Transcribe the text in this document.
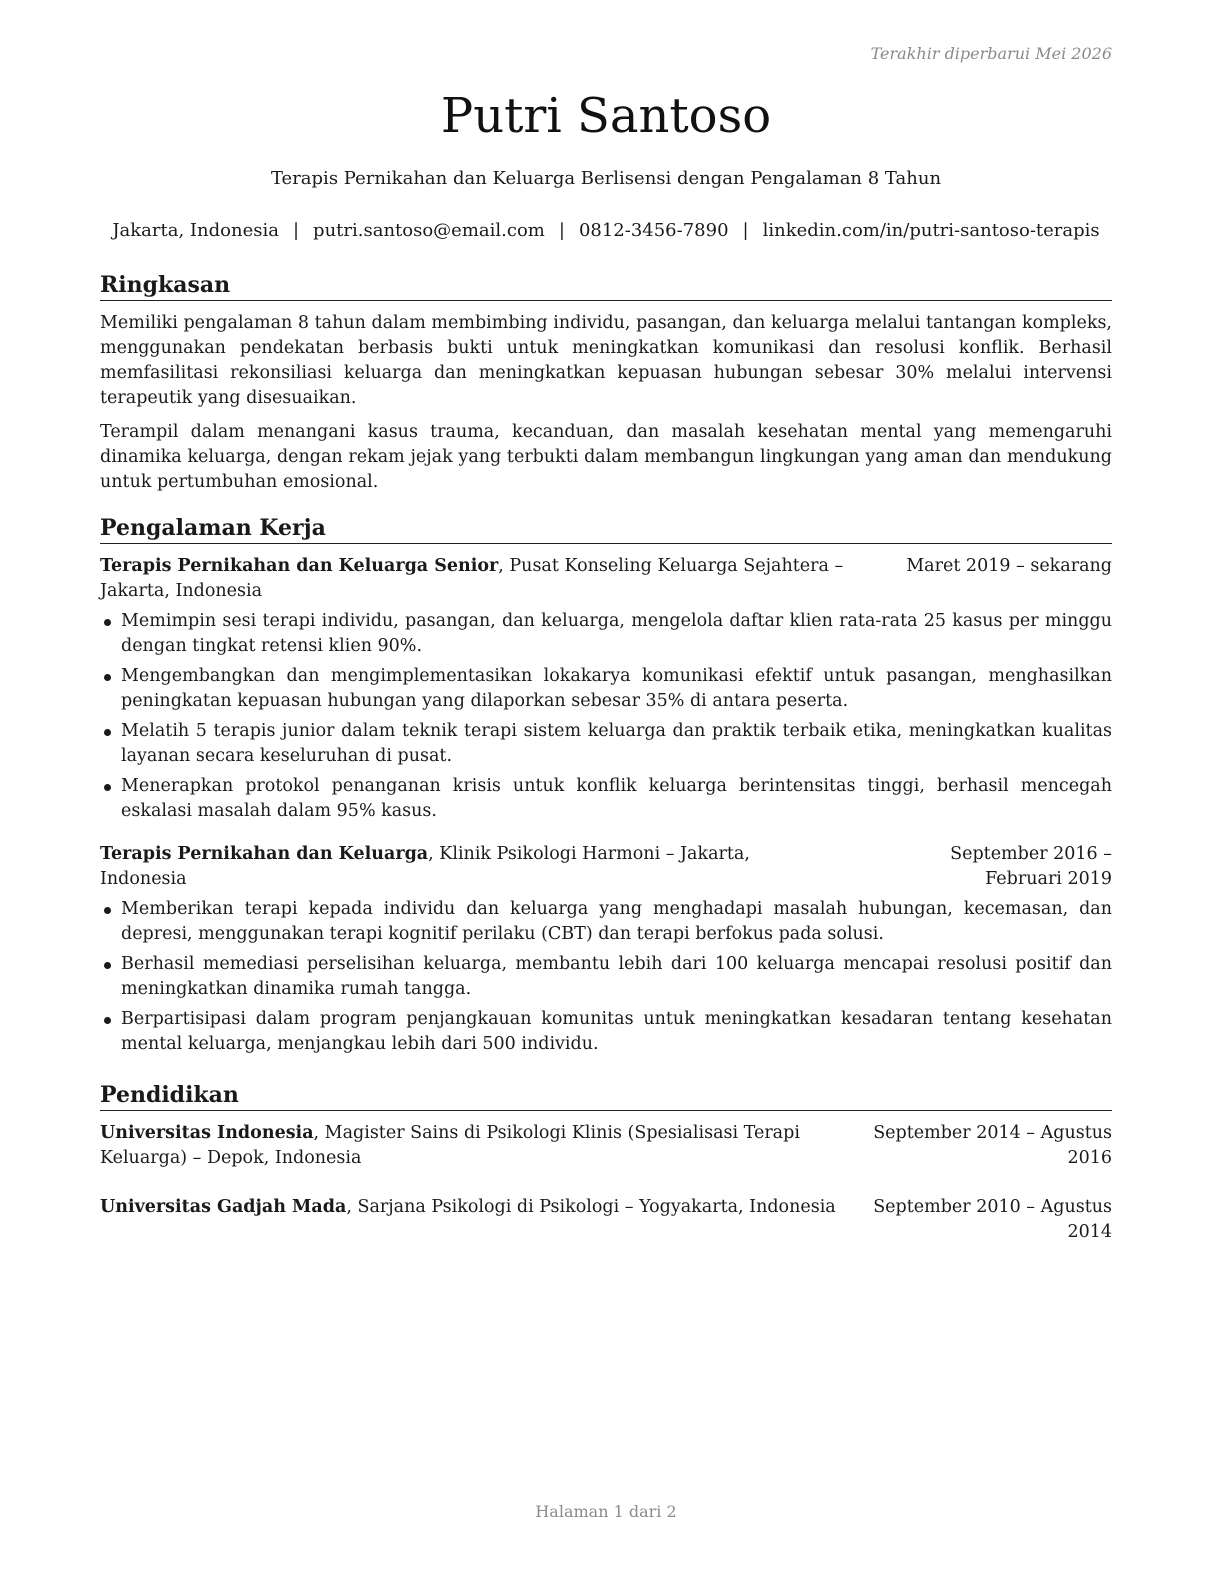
Terakhir diperbarui Mei 2026
Putri Santoso
Terapis Pernikahan dan Keluarga Berlisensi dengan Pengalaman 8 Tahun
Jakarta, Indonesia | putri.santoso@email.com | 0812-3456-7890 | linkedin.com/in/putri-santoso-terapis
Ringkasan

Memiliki pengalaman 8 tahun dalam membimbing individu, pasangan, dan keluarga melalui tantangan kompleks, menggunakan pendekatan berbasis bukti untuk meningkatkan komunikasi dan resolusi konflik. Berhasil memfasilitasi rekonsiliasi keluarga dan meningkatkan kepuasan hubungan sebesar 30% melalui intervensi terapeutik yang disesuaikan.

Terampil dalam menangani kasus trauma, kecanduan, dan masalah kesehatan mental yang memengaruhi dinamika keluarga, dengan rekam jejak yang terbukti dalam membangun lingkungan yang aman dan mendukung untuk pertumbuhan emosional.

Pengalaman Kerja
Terapis Pernikahan dan Keluarga Senior, Pusat Konseling Keluarga Sejahtera – Jakarta, Indonesia
Maret 2019 – sekarang
Memimpin sesi terapi individu, pasangan, dan keluarga, mengelola daftar klien rata-rata 25 kasus per minggu dengan tingkat retensi klien 90%.
Mengembangkan dan mengimplementasikan lokakarya komunikasi efektif untuk pasangan, menghasilkan peningkatan kepuasan hubungan yang dilaporkan sebesar 35% di antara peserta.
Melatih 5 terapis junior dalam teknik terapi sistem keluarga dan praktik terbaik etika, meningkatkan kualitas layanan secara keseluruhan di pusat.
Menerapkan protokol penanganan krisis untuk konflik keluarga berintensitas tinggi, berhasil mencegah eskalasi masalah dalam 95% kasus.
Terapis Pernikahan dan Keluarga, Klinik Psikologi Harmoni – Jakarta, Indonesia
September 2016 – Februari 2019
Memberikan terapi kepada individu dan keluarga yang menghadapi masalah hubungan, kecemasan, dan depresi, menggunakan terapi kognitif perilaku (CBT) dan terapi berfokus pada solusi.
Berhasil memediasi perselisihan keluarga, membantu lebih dari 100 keluarga mencapai resolusi positif dan meningkatkan dinamika rumah tangga.
Berpartisipasi dalam program penjangkauan komunitas untuk meningkatkan kesadaran tentang kesehatan mental keluarga, menjangkau lebih dari 500 individu.
Pendidikan
Universitas Indonesia, Magister Sains di Psikologi Klinis (Spesialisasi Terapi Keluarga) – Depok, Indonesia
September 2014 – Agustus 2016
Universitas Gadjah Mada, Sarjana Psikologi di Psikologi – Yogyakarta, Indonesia	September 2010 – Agustus 2014
Halaman 1 dari 2
